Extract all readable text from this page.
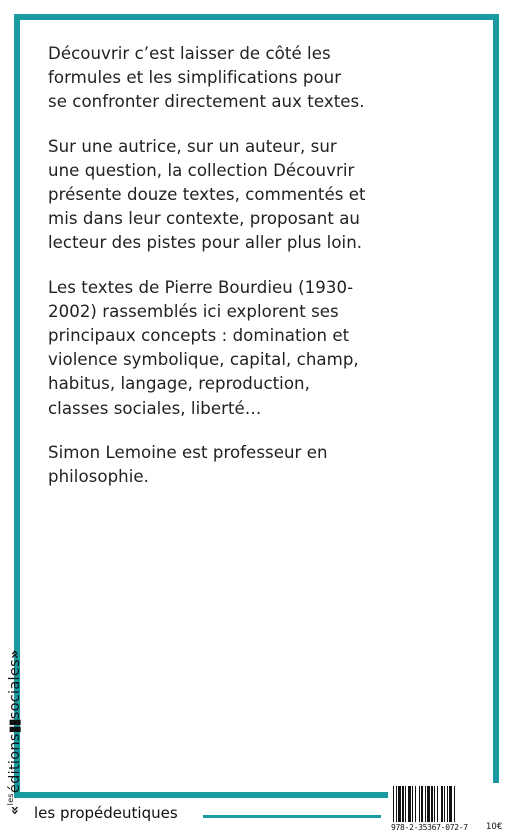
Découvrir c’est laisser de côté les
formules et les simplifications pour
se confronter directement aux textes.

Sur une autrice, sur un auteur, sur
une question, la collection Découvrir
présente douze textes, commentés et
mis dans leur contexte, proposant au
lecteur des pistes pour aller plus loin.

Les textes de Pierre Bourdieu (1930-
2002) rassemblés ici explorent ses
principaux concepts : domination et
violence symbolique, capital, champ,
habitus, langage, reproduction,
classes sociales, liberté…

Simon Lemoine est professeur en
philosophie.

«$^{les}$éditions▮▮sociales»
les propédeutiques
978-2-35367-072-7 10€
